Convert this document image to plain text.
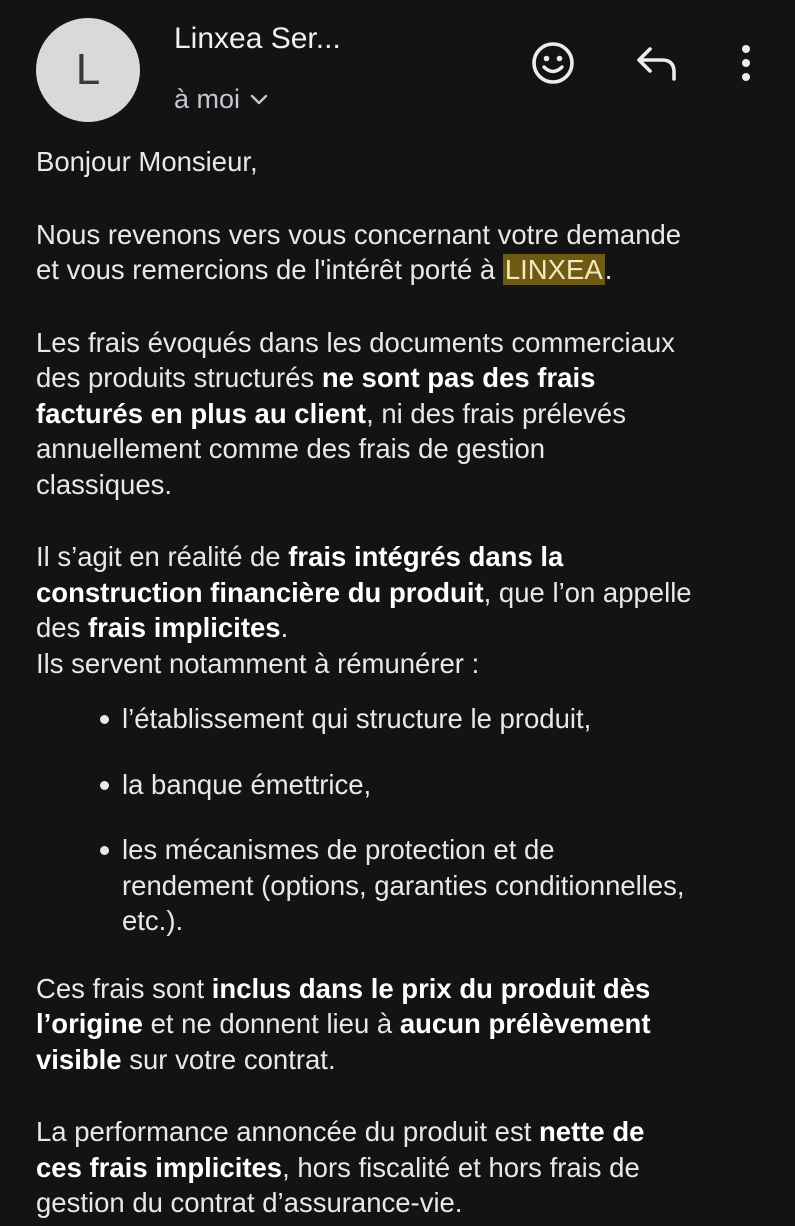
L
Linxea Ser...
à moi

Bonjour Monsieur,

Nous revenons vers vous concernant votre demande
et vous remercions de l'intérêt porté à LINXEA.

Les frais évoqués dans les documents commerciaux
des produits structurés ne sont pas des frais
facturés en plus au client, ni des frais prélevés
annuellement comme des frais de gestion
classiques.

Il s’agit en réalité de frais intégrés dans la
construction financière du produit, que l’on appelle
des frais implicites.
Ils servent notamment à rémunérer :

l’établissement qui structure le produit,
la banque émettrice,
les mécanismes de protection et de
rendement (options, garanties conditionnelles,
etc.).

Ces frais sont inclus dans le prix du produit dès
l’origine et ne donnent lieu à aucun prélèvement
visible sur votre contrat.

La performance annoncée du produit est nette de
ces frais implicites, hors fiscalité et hors frais de
gestion du contrat d’assurance-vie.
